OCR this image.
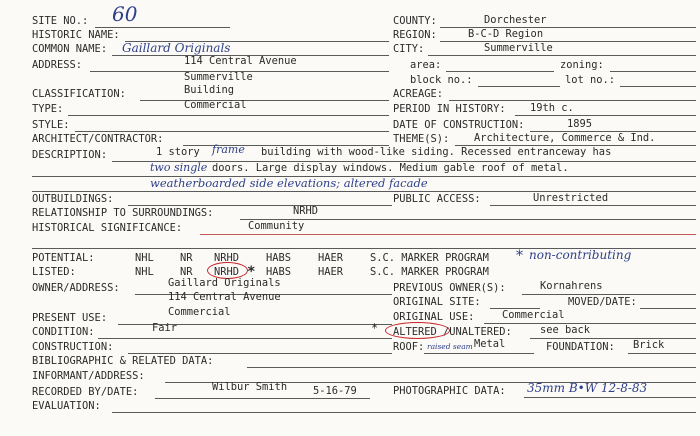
SITE NO.: 60
HISTORIC NAME:
COMMON NAME: Gaillard Originals
ADDRESS:	114 Central Avenue
Summerville
CLASSIFICATION:	Building
TYPE:	Commercial
STYLE:
ARCHITECT/CONTRACTOR:
COUNTY:	Dorchester
REGION:	B-C-D Region
CITY:	Summerville
area:	zoning:
block no.:	lot no.:
ACREAGE:
PERIOD IN HISTORY: 19th c.
DATE OF CONSTRUCTION:	1895
THEME(S): Architecture, Commerce & Ind.
DESCRIPTION:	1 story frame building with wood-like siding. Recessed entranceway has
two single doors. Large display windows. Medium gable roof of metal.
weatherboarded side elevations; altered facade
OUTBUILDINGS:	PUBLIC ACCESS:	Unrestricted
RELATIONSHIP TO SURROUNDINGS:	NRHD
HISTORICAL SIGNIFICANCE:	Community
POTENTIAL:	NHL	NR NRHD	HABS	HAER	S.C. MARKER PROGRAM * non-contributing
LISTED:	NHL	NR NRHD * HABS	HAER	S.C. MARKER PROGRAM
OWNER/ADDRESS:	Gaillard Originals
114 Central Avenue
PREVIOUS OWNER(S):	Kornahrens
ORIGINAL SITE:	MOVED/DATE:
PRESENT USE:	Commercial	ORIGINAL USE:	Commercial
CONDITION:	Fair	* ALTERED /UNALTERED:	see back
CONSTRUCTION:	ROOF: raised seam Metal	FOUNDATION: Brick
BIBLIOGRAPHIC & RELATED DATA:
INFORMANT/ADDRESS:
RECORDED BY/DATE:	Wilbur Smith 5-16-79	PHOTOGRAPHIC DATA: 35mm B•W 12-8-83
EVALUATION:
